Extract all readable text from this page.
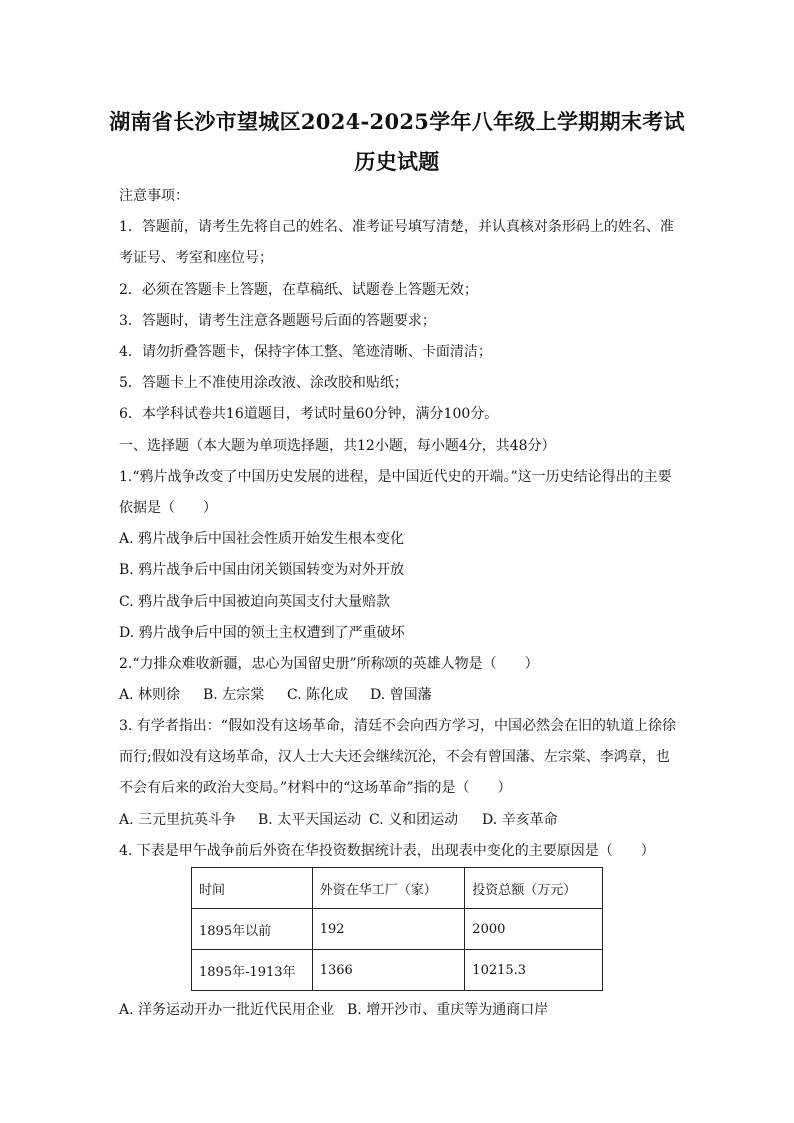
湖南省长沙市望城区2024-2025学年八年级上学期期末考试
历史试题
注意事项：
1．答题前，请考生先将自己的姓名、准考证号填写清楚，并认真核对条形码上的姓名、准
考证号、考室和座位号；
2．必须在答题卡上答题，在草稿纸、试题卷上答题无效；
3．答题时，请考生注意各题题号后面的答题要求；
4．请勿折叠答题卡，保持字体工整、笔迹清晰、卡面清洁；
5．答题卡上不准使用涂改液、涂改胶和贴纸；
6．本学科试卷共16道题目，考试时量60分钟，满分100分。
一、选择题（本大题为单项选择题，共12小题，每小题4分，共48分）
1.“鸦片战争改变了中国历史发展的进程，是中国近代史的开端。”这一历史结论得出的主要
依据是（　　）
A. 鸦片战争后中国社会性质开始发生根本变化
B. 鸦片战争后中国由闭关锁国转变为对外开放
C. 鸦片战争后中国被迫向英国支付大量赔款
D. 鸦片战争后中国的领土主权遭到了严重破坏
2.“力排众难收新疆，忠心为国留史册”所称颂的英雄人物是（　　）
A. 林则徐 B. 左宗棠 C. 陈化成 D. 曾国藩
3. 有学者指出：“假如没有这场革命，清廷不会向西方学习，中国必然会在旧的轨道上徐徐
而行;假如没有这场革命，汉人士大夫还会继续沉沦，不会有曾国藩、左宗棠、李鸿章，也
不会有后来的政治大变局。”材料中的“这场革命”指的是（　　）
A. 三元里抗英斗争 B. 太平天国运动 C. 义和团运动 D. 辛亥革命
4. 下表是甲午战争前后外资在华投资数据统计表，出现表中变化的主要原因是（　　）
时间	外资在华工厂（家）	投资总额（万元）
1895年以前	192	2000
1895年-1913年	1366	10215.3
A. 洋务运动开办一批近代民用企业 B. 增开沙市、重庆等为通商口岸
